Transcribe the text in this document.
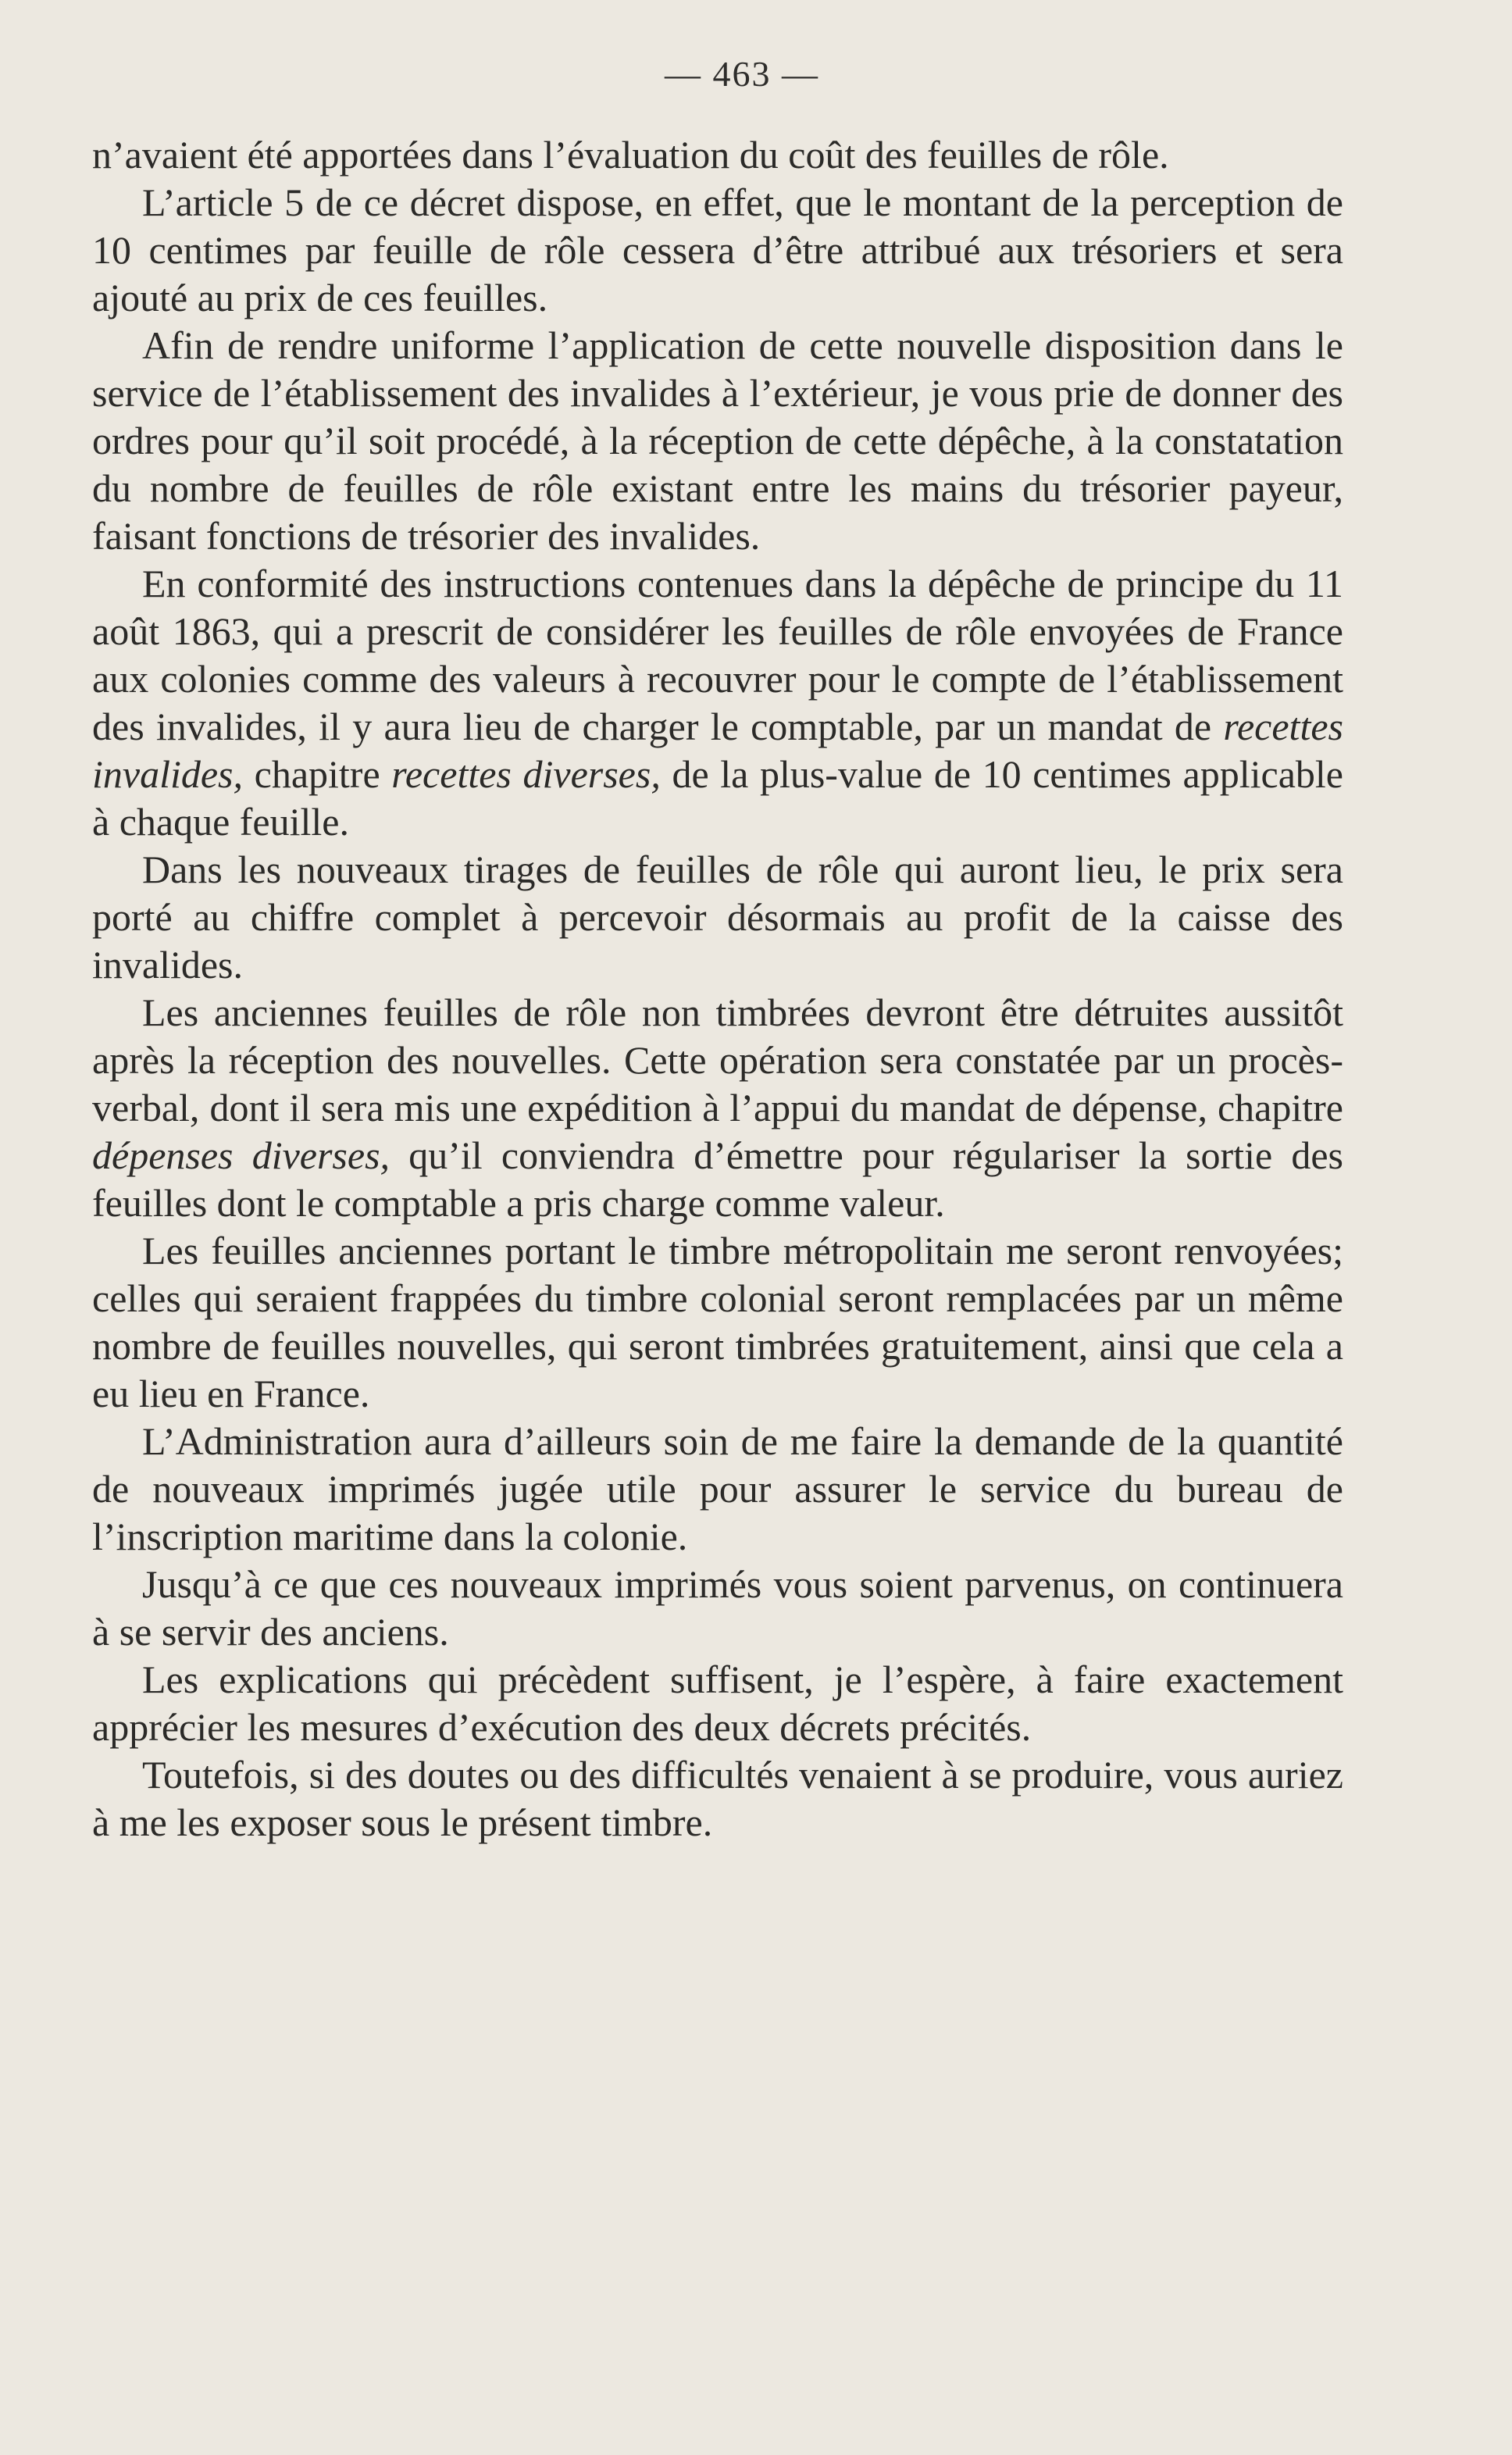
— 463 —

n’avaient été apportées dans l’évaluation du coût des feuilles de rôle.

L’article 5 de ce décret dispose, en effet, que le montant de la perception de 10 centimes par feuille de rôle cessera d’être attribué aux trésoriers et sera ajouté au prix de ces feuilles.

Afin de rendre uniforme l’application de cette nouvelle disposition dans le service de l’établissement des invalides à l’extérieur, je vous prie de donner des ordres pour qu’il soit procédé, à la réception de cette dépêche, à la constatation du nombre de feuilles de rôle existant entre les mains du trésorier payeur, faisant fonctions de trésorier des invalides.

En conformité des instructions contenues dans la dépêche de principe du 11 août 1863, qui a prescrit de considérer les feuilles de rôle envoyées de France aux colonies comme des valeurs à recouvrer pour le compte de l’établissement des invalides, il y aura lieu de charger le comptable, par un mandat de recettes invalides, chapitre recettes diverses, de la plus-value de 10 centimes applicable à chaque feuille.

Dans les nouveaux tirages de feuilles de rôle qui auront lieu, le prix sera porté au chiffre complet à percevoir désormais au profit de la caisse des invalides.

Les anciennes feuilles de rôle non timbrées devront être détruites aussitôt après la réception des nouvelles. Cette opération sera constatée par un procès-verbal, dont il sera mis une expédition à l’appui du mandat de dépense, chapitre dépenses diverses, qu’il conviendra d’émettre pour régulariser la sortie des feuilles dont le comptable a pris charge comme valeur.

Les feuilles anciennes portant le timbre métropolitain me seront renvoyées; celles qui seraient frappées du timbre colonial seront remplacées par un même nombre de feuilles nouvelles, qui seront timbrées gratuitement, ainsi que cela a eu lieu en France.

L’Administration aura d’ailleurs soin de me faire la demande de la quantité de nouveaux imprimés jugée utile pour assurer le service du bureau de l’inscription maritime dans la colonie.

Jusqu’à ce que ces nouveaux imprimés vous soient parvenus, on continuera à se servir des anciens.

Les explications qui précèdent suffisent, je l’espère, à faire exactement apprécier les mesures d’exécution des deux décrets précités.

Toutefois, si des doutes ou des difficultés venaient à se produire, vous auriez à me les exposer sous le présent timbre.
